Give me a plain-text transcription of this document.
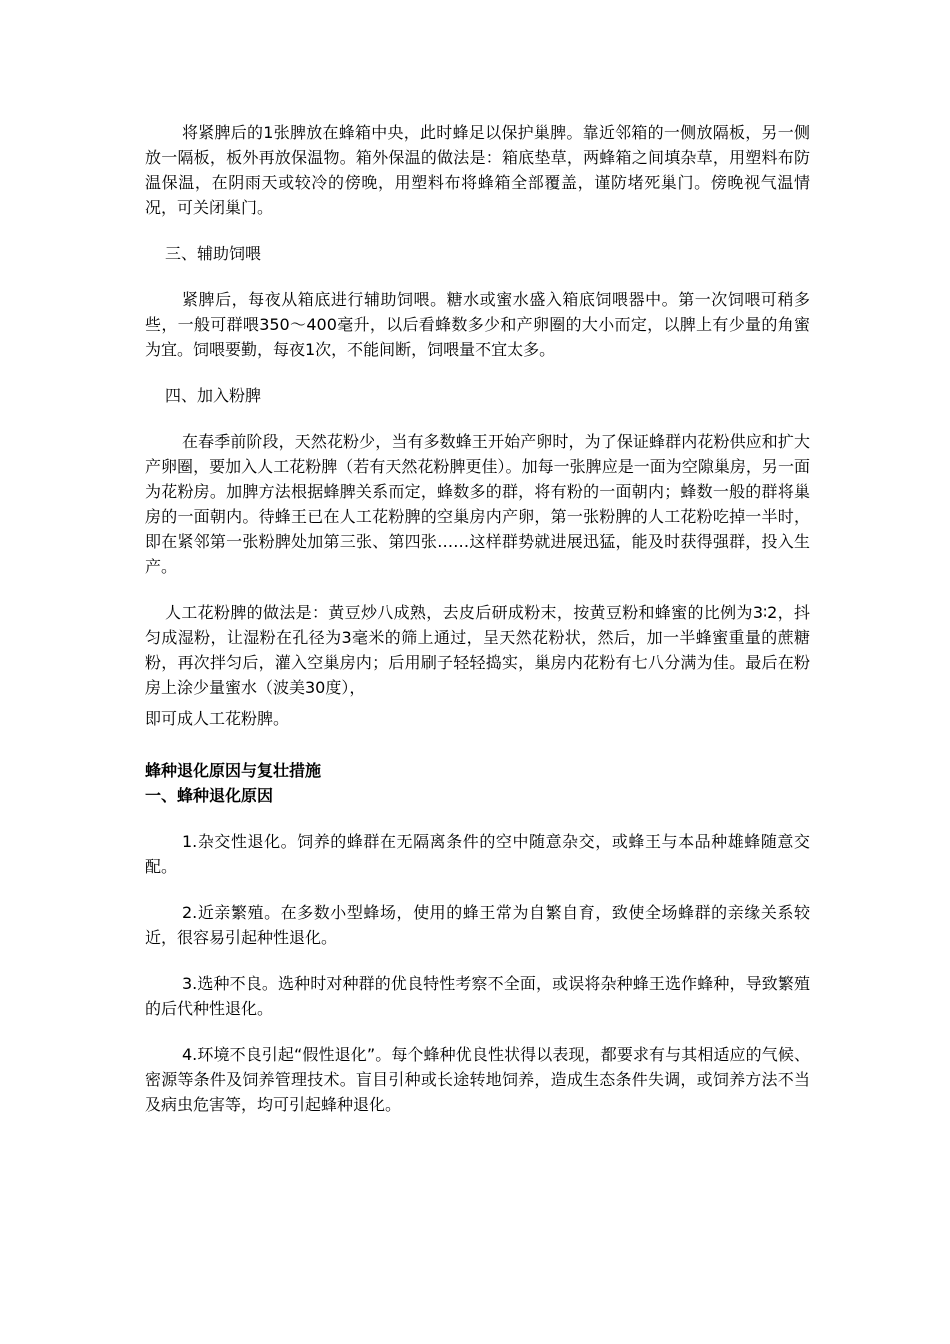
将紧脾后的1张脾放在蜂箱中央，此时蜂足以保护巢脾。靠近邻箱的一侧放隔板，另一侧放一隔板，板外再放保温物。箱外保温的做法是：箱底垫草，两蜂箱之间填杂草，用塑料布防温保温，在阴雨天或较冷的傍晚，用塑料布将蜂箱全部覆盖，谨防堵死巢门。傍晚视气温情况，可关闭巢门。

三、辅助饲喂

紧脾后，每夜从箱底进行辅助饲喂。糖水或蜜水盛入箱底饲喂器中。第一次饲喂可稍多些，一般可群喂350～400毫升，以后看蜂数多少和产卵圈的大小而定，以脾上有少量的角蜜为宜。饲喂要勤，每夜1次，不能间断，饲喂量不宜太多。

四、加入粉脾

在春季前阶段，天然花粉少，当有多数蜂王开始产卵时，为了保证蜂群内花粉供应和扩大产卵圈，要加入人工花粉脾（若有天然花粉脾更佳）。加每一张脾应是一面为空隙巢房，另一面为花粉房。加脾方法根据蜂脾关系而定，蜂数多的群，将有粉的一面朝内；蜂数一般的群将巢房的一面朝内。待蜂王已在人工花粉脾的空巢房内产卵，第一张粉脾的人工花粉吃掉一半时，即在紧邻第一张粉脾处加第三张、第四张……这样群势就进展迅猛，能及时获得强群，投入生产。

人工花粉脾的做法是：黄豆炒八成熟，去皮后研成粉末，按黄豆粉和蜂蜜的比例为3∶2，抖匀成湿粉，让湿粉在孔径为3毫米的筛上通过，呈天然花粉状，然后，加一半蜂蜜重量的蔗糖粉，再次拌匀后，灌入空巢房内；后用刷子轻轻捣实，巢房内花粉有七八分满为佳。最后在粉房上涂少量蜜水（波美30度），

即可成人工花粉脾。

蜂种退化原因与复壮措施

一、蜂种退化原因

1.杂交性退化。饲养的蜂群在无隔离条件的空中随意杂交，或蜂王与本品种雄蜂随意交配。

2.近亲繁殖。在多数小型蜂场，使用的蜂王常为自繁自育，致使全场蜂群的亲缘关系较近，很容易引起种性退化。

3.选种不良。选种时对种群的优良特性考察不全面，或误将杂种蜂王选作蜂种，导致繁殖的后代种性退化。

4.环境不良引起“假性退化”。每个蜂种优良性状得以表现，都要求有与其相适应的气候、密源等条件及饲养管理技术。盲目引种或长途转地饲养，造成生态条件失调，或饲养方法不当及病虫危害等，均可引起蜂种退化。
